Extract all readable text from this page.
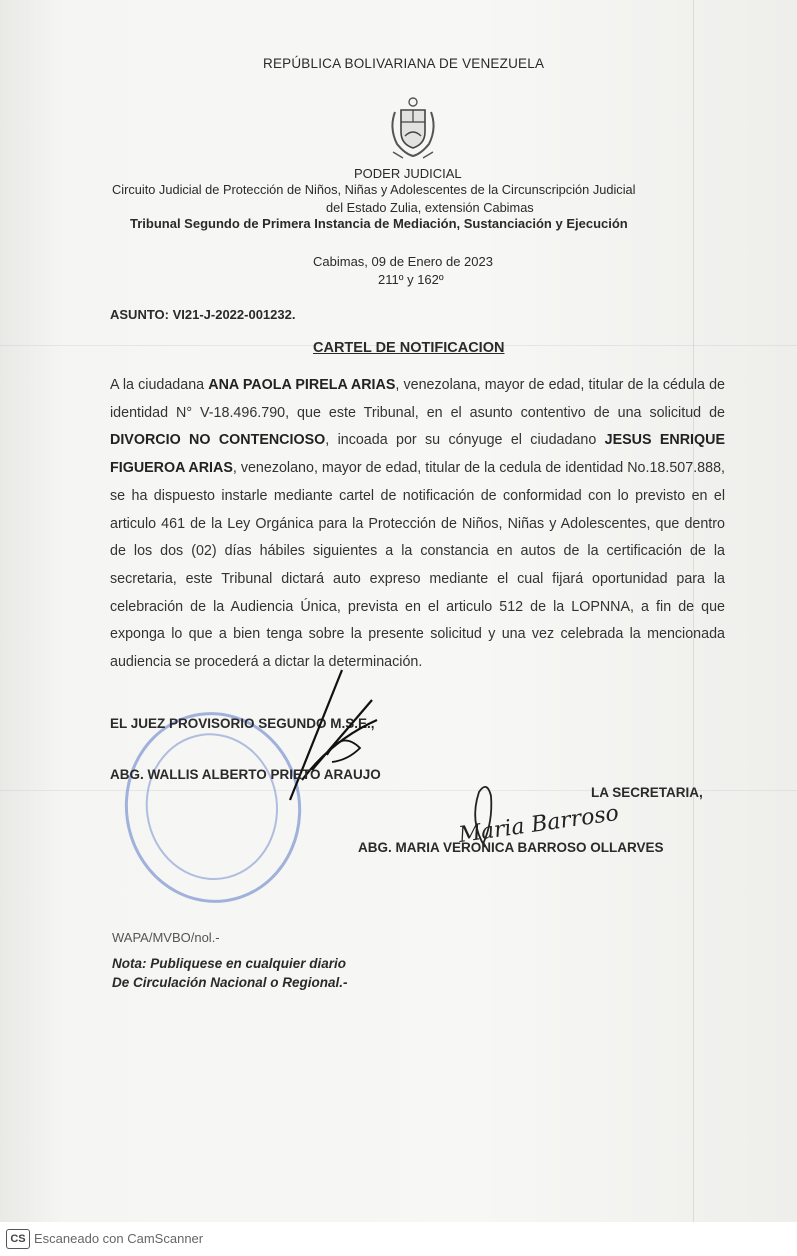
REPÚBLICA BOLIVARIANA DE VENEZUELA
PODER JUDICIAL
Circuito Judicial de Protección de Niños, Niñas y Adolescentes de la Circunscripción Judicial
del Estado Zulia, extensión Cabimas
Tribunal Segundo de Primera Instancia de Mediación, Sustanciación y Ejecución
Cabimas, 09 de Enero de 2023
211º y 162º
ASUNTO: VI21-J-2022-001232.
CARTEL DE NOTIFICACION
A la ciudadana ANA PAOLA PIRELA ARIAS, venezolana, mayor de edad, titular de la cédula de identidad N° V-18.496.790, que este Tribunal, en el asunto contentivo de una solicitud de DIVORCIO NO CONTENCIOSO, incoada por su cónyuge el ciudadano JESUS ENRIQUE FIGUEROA ARIAS, venezolano, mayor de edad, titular de la cedula de identidad No.18.507.888, se ha dispuesto instarle mediante cartel de notificación de conformidad con lo previsto en el articulo 461 de la Ley Orgánica para la Protección de Niños, Niñas y Adolescentes, que dentro de los dos (02) días hábiles siguientes a la constancia en autos de la certificación de la secretaria, este Tribunal dictará auto expreso mediante el cual fijará oportunidad para la celebración de la Audiencia Única, prevista en el articulo 512 de la LOPNNA, a fin de que exponga lo que a bien tenga sobre la presente solicitud y una vez celebrada la mencionada audiencia se procederá a dictar la determinación.
EL JUEZ PROVISORIO SEGUNDO M.S.E.,
ABG. WALLIS ALBERTO PRIETO ARAUJO
LA SECRETARIA,
Maria Barroso
ABG. MARIA VERONICA BARROSO OLLARVES
WAPA/MVBO/nol.-
Nota: Publiquese en cualquier diario
De Circulación Nacional o Regional.-
CS Escaneado con CamScanner
